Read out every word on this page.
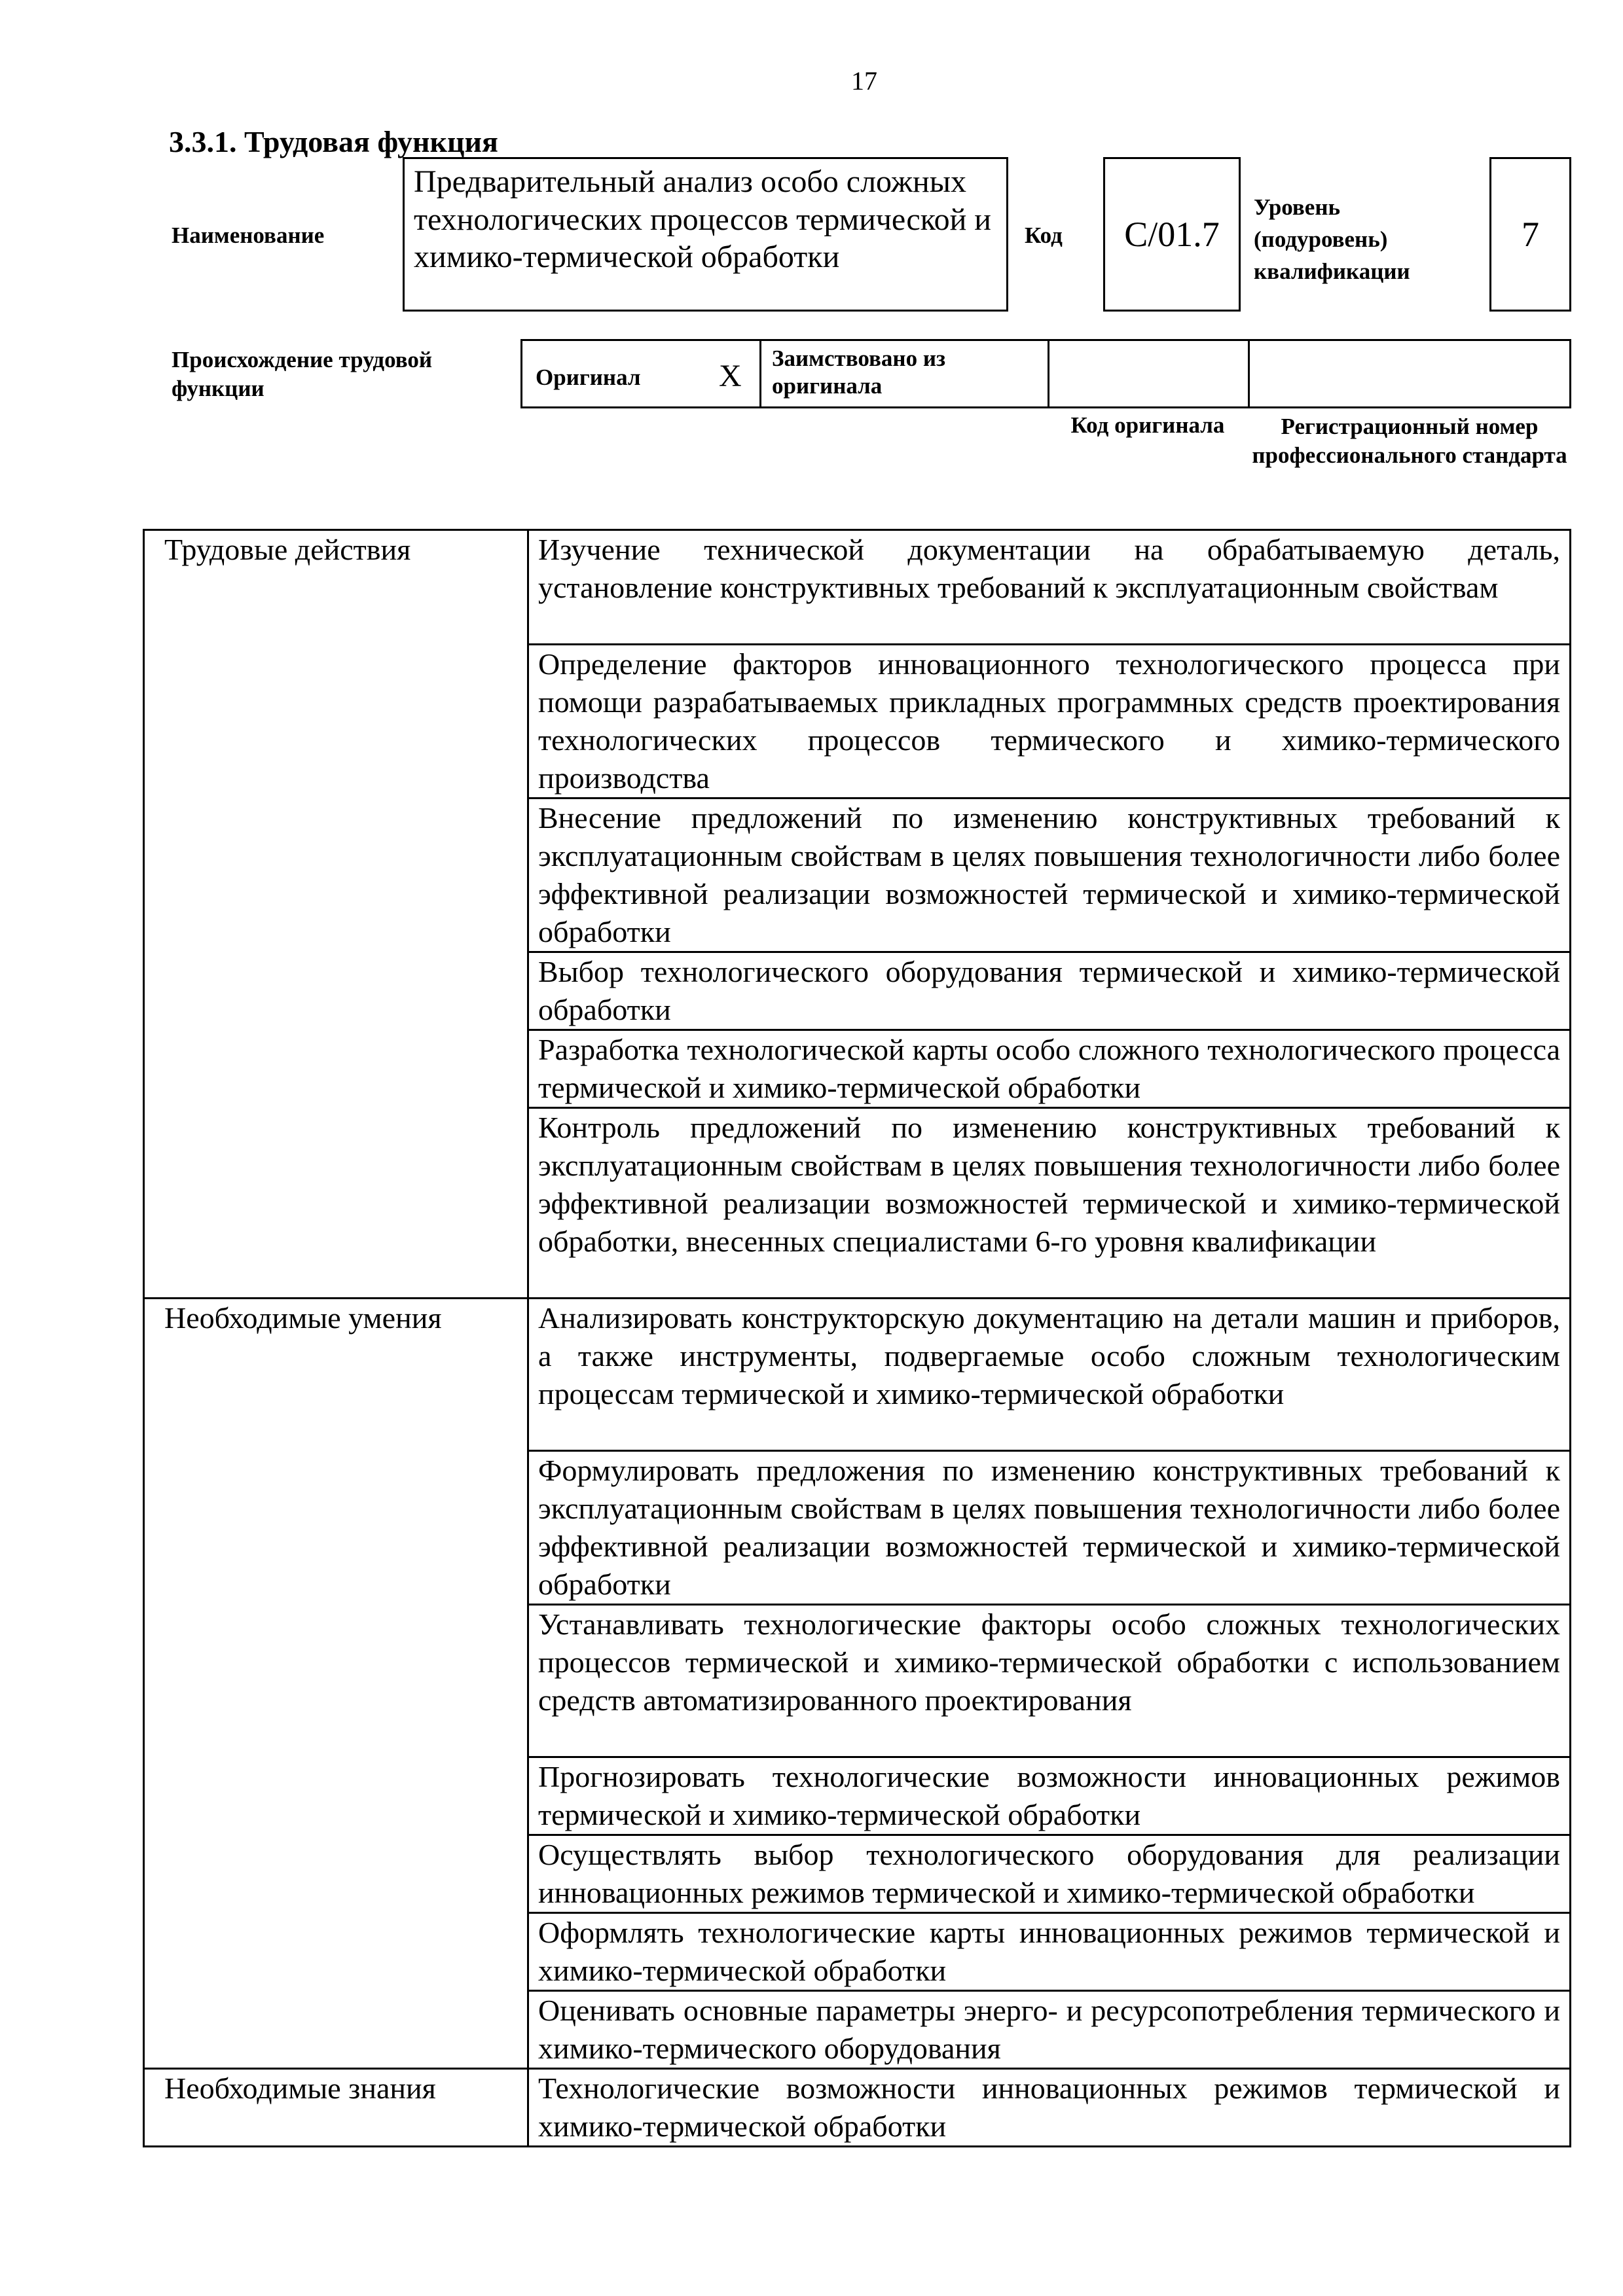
17
3.3.1. Трудовая функция
Наименование
Предварительный анализ особо сложных технологических процессов термической и химико-термической обработки
Код C/01.7
Уровень (подуровень) квалификации
7
Происхождение трудовой функции	Оригинал X
Заимствовано из оригинала
Код оригинала	Регистрационный номер профессионального стандарта
Трудовые действия	Изучение технической документации на обрабатываемую деталь, установление конструктивных требований к эксплуатационным свойствам
	Определение факторов инновационного технологического процесса при помощи разрабатываемых прикладных программных средств проектирования технологических процессов термического и химико-термического производства
	Внесение предложений по изменению конструктивных требований к эксплуатационным свойствам в целях повышения технологичности либо более эффективной реализации возможностей термической и химико-термической обработки
	Выбор технологического оборудования термической и химико-термической обработки
	Разработка технологической карты особо сложного технологического процесса термической и химико-термической обработки
	Контроль предложений по изменению конструктивных требований к эксплуатационным свойствам в целях повышения технологичности либо более эффективной реализации возможностей термической и химико-термической обработки, внесенных специалистами 6-го уровня квалификации
Необходимые умения	Анализировать конструкторскую документацию на детали машин и приборов, а также инструменты, подвергаемые особо сложным технологическим процессам термической и химико-термической обработки
	Формулировать предложения по изменению конструктивных требований к эксплуатационным свойствам в целях повышения технологичности либо более эффективной реализации возможностей термической и химико-термической обработки
	Устанавливать технологические факторы особо сложных технологических процессов термической и химико-термической обработки с использованием средств автоматизированного проектирования
	Прогнозировать технологические возможности инновационных режимов термической и химико-термической обработки
	Осуществлять выбор технологического оборудования для реализации инновационных режимов термической и химико-термической обработки
	Оформлять технологические карты инновационных режимов термической и химико-термической обработки
	Оценивать основные параметры энерго- и ресурсопотребления термического и химико-термического оборудования
Необходимые знания	Технологические возможности инновационных режимов термической и химико-термической обработки
